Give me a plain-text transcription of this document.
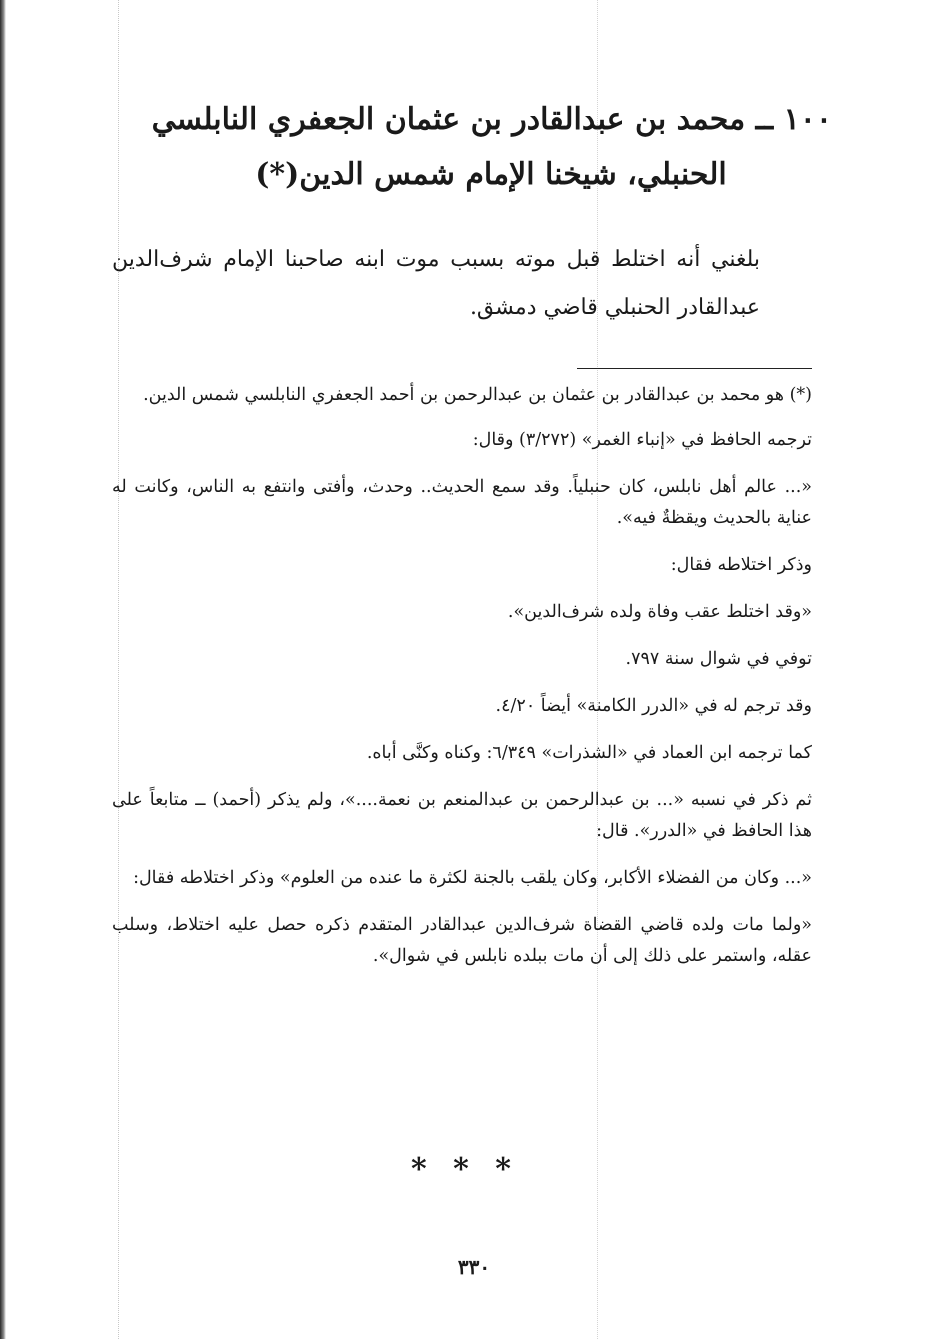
١٠٠ ــ محمد بن عبدالقادر بن عثمان الجعفري النابلسي
الحنبلي، شيخنا الإمام شمس الدين(*)
بلغني أنه اختلط قبل موته بسبب موت ابنه صاحبنا الإمام شرف‌الدين عبدالقادر الحنبلي قاضي دمشق.

(*) هو محمد بن عبدالقادر بن عثمان بن عبدالرحمن بن أحمد الجعفري النابلسي شمس الدين.

ترجمه الحافظ في «إنباء الغمر» (٣/٢٧٢) وقال:

«... عالم أهل نابلس، كان حنبلياً. وقد سمع الحديث.. وحدث، وأفتى وانتفع به الناس، وكانت له عناية بالحديث ويقظةٌ فيه».

وذكر اختلاطه فقال:

«وقد اختلط عقب وفاة ولده شرف‌الدين».

توفي في شوال سنة ٧٩٧.

وقد ترجم له في «الدرر الكامنة» أيضاً ٤/٢٠.

كما ترجمه ابن العماد في «الشذرات» ٦/٣٤٩: وكناه وكنَّى أباه.

ثم ذكر في نسبه «... بن عبدالرحمن بن عبدالمنعم بن نعمة....»، ولم يذكر (أحمد) ــ متابعاً على هذا الحافظ في «الدرر». قال:

«... وكان من الفضلاء الأكابر، وكان يلقب بالجنة لكثرة ما عنده من العلوم» وذكر اختلاطه فقال:

«ولما مات ولده قاضي القضاة شرف‌الدين عبدالقادر المتقدم ذكره حصل عليه اختلاط، وسلب عقله، واستمر على ذلك إلى أن مات ببلده نابلس في شوال».

* * *
٣٣٠
